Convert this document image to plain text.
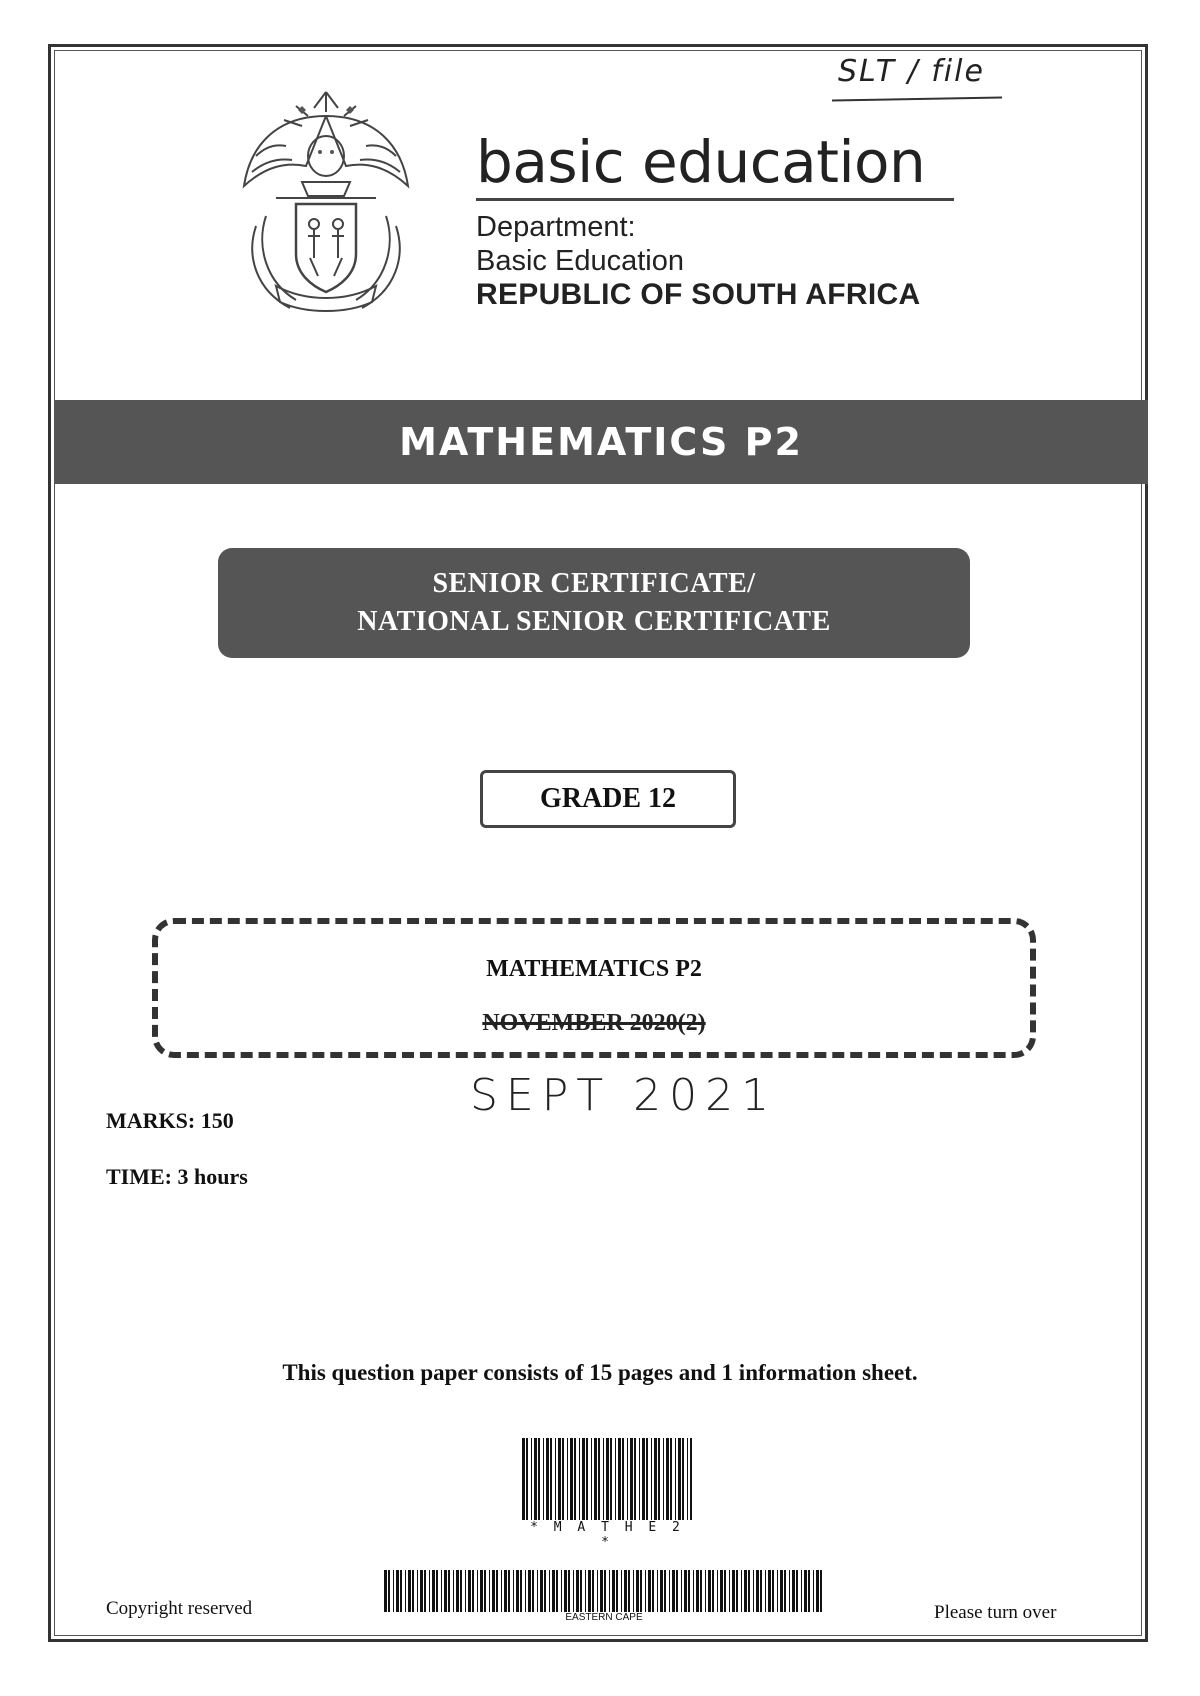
SLT / file
basic education
Department:
Basic Education
REPUBLIC OF SOUTH AFRICA
MATHEMATICS P2
SENIOR CERTIFICATE/
NATIONAL SENIOR CERTIFICATE
GRADE 12
MATHEMATICS P2
NOVEMBER 2020(2)
SEPT 2021
MARKS: 150
TIME: 3 hours
This question paper consists of 15 pages and 1 information sheet.
* M A T H E 2 *
EASTERN CAPE
Copyright reserved	Please turn over
